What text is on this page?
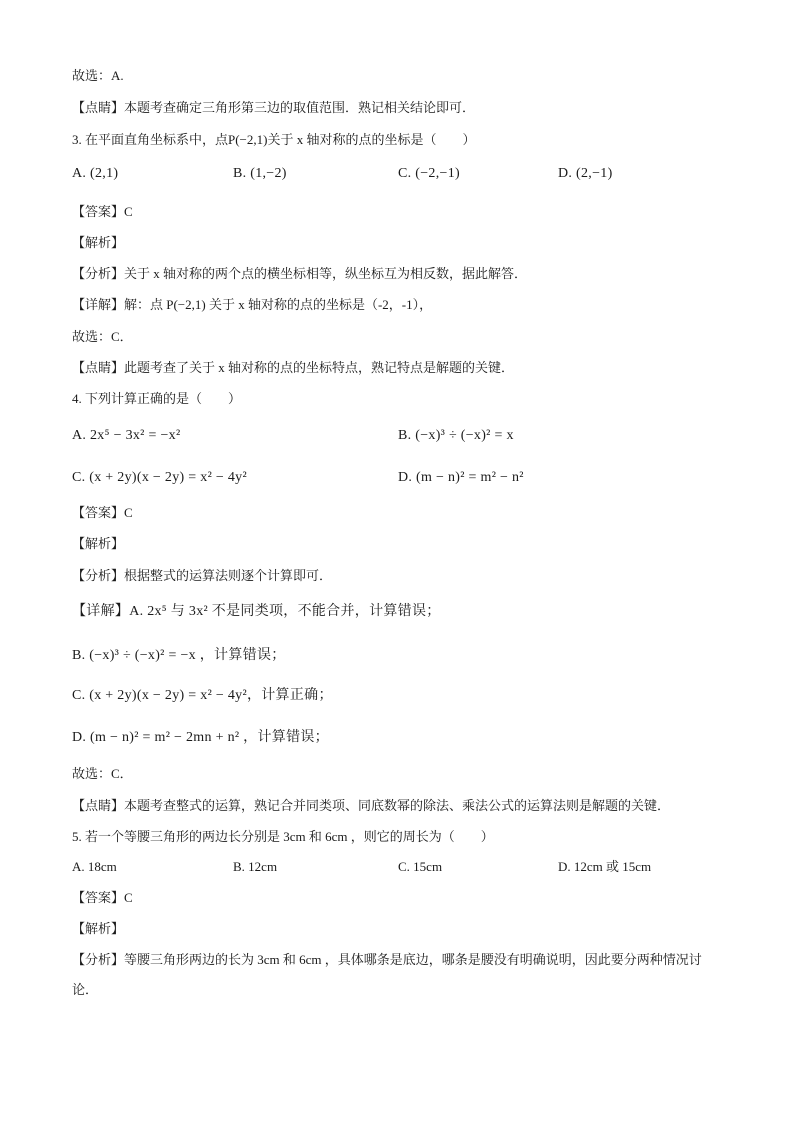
故选：A.
【点睛】本题考查确定三角形第三边的取值范围．熟记相关结论即可．
3. 在平面直角坐标系中，点P(−2,1)关于 x 轴对称的点的坐标是（　　）
A. (2,1)	B. (1,−2)	C. (−2,−1)	D. (2,−1)
【答案】C
【解析】
【分析】关于 x 轴对称的两个点的横坐标相等，纵坐标互为相反数，据此解答．
【详解】解：点 P(−2,1) 关于 x 轴对称的点的坐标是（-2，-1），
故选：C．
【点睛】此题考查了关于 x 轴对称的点的坐标特点，熟记特点是解题的关键．
4. 下列计算正确的是（　　）
A. 2x⁵ − 3x² = −x²	B. (−x)³ ÷ (−x)² = x
C. (x + 2y)(x − 2y) = x² − 4y²	D. (m − n)² = m² − n²
【答案】C
【解析】
【分析】根据整式的运算法则逐个计算即可．
【详解】A. 2x⁵ 与 3x² 不是同类项，不能合并，计算错误；
B. (−x)³ ÷ (−x)² = −x ，计算错误；
C. (x + 2y)(x − 2y) = x² − 4y²，计算正确；
D. (m − n)² = m² − 2mn + n² ，计算错误；
故选：C．
【点睛】本题考查整式的运算，熟记合并同类项、同底数幂的除法、乘法公式的运算法则是解题的关键．
5. 若一个等腰三角形的两边长分别是 3cm 和 6cm ，则它的周长为（　　）
A. 18cm	B. 12cm	C. 15cm	D. 12cm 或 15cm
【答案】C
【解析】
【分析】等腰三角形两边的长为 3cm 和 6cm ，具体哪条是底边，哪条是腰没有明确说明，因此要分两种情况讨论．
